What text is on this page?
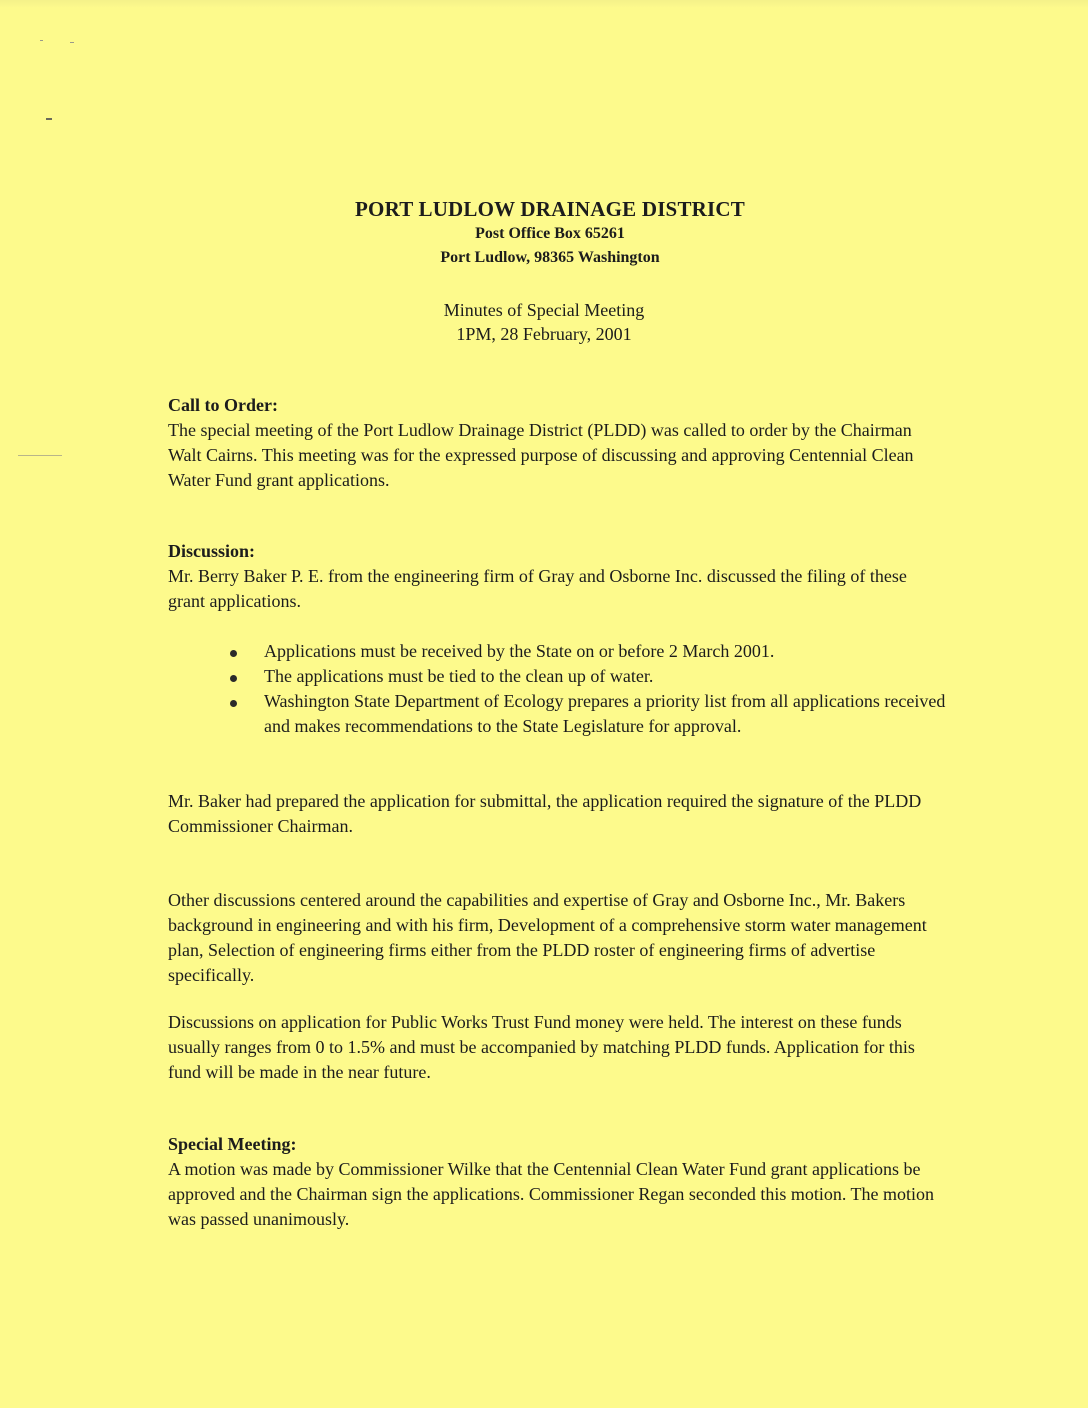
PORT LUDLOW DRAINAGE DISTRICT
Post Office Box 65261
Port Ludlow, 98365 Washington
Minutes of Special Meeting
1PM, 28 February, 2001
Call to Order:

The special meeting of the Port Ludlow Drainage District (PLDD) was called to order by the Chairman Walt Cairns. This meeting was for the expressed purpose of discussing and approving Centennial Clean Water Fund grant applications.

Discussion:

Mr. Berry Baker P. E. from the engineering firm of Gray and Osborne Inc. discussed the filing of these grant applications.

Applications must be received by the State on or before 2 March 2001.
The applications must be tied to the clean up of water.
Washington State Department of Ecology prepares a priority list from all applications received and makes recommendations to the State Legislature for approval.

Mr. Baker had prepared the application for submittal, the application required the signature of the PLDD Commissioner Chairman.

Other discussions centered around the capabilities and expertise of Gray and Osborne Inc., Mr. Bakers background in engineering and with his firm, Development of a comprehensive storm water management plan, Selection of engineering firms either from the PLDD roster of engineering firms of advertise specifically.

Discussions on application for Public Works Trust Fund money were held. The interest on these funds usually ranges from 0 to 1.5% and must be accompanied by matching PLDD funds. Application for this fund will be made in the near future.

Special Meeting:

A motion was made by Commissioner Wilke that the Centennial Clean Water Fund grant applications be approved and the Chairman sign the applications. Commissioner Regan seconded this motion. The motion was passed unanimously.
